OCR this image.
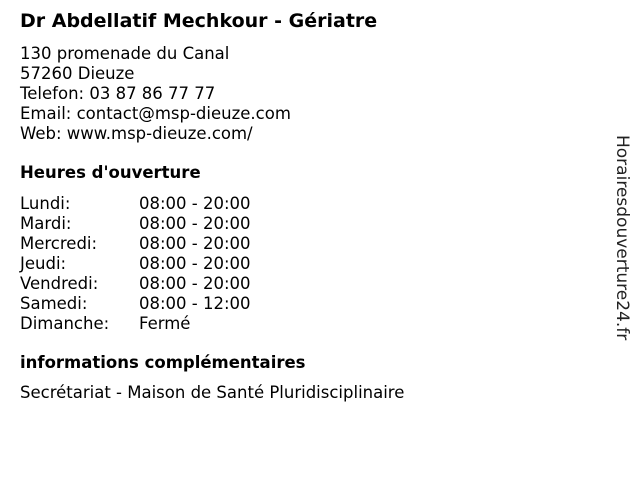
Dr Abdellatif Mechkour - Gériatre
130 promenade du Canal
57260 Dieuze
Telefon: 03 87 86 77 77
Email: contact@msp-dieuze.com
Web: www.msp-dieuze.com/
Heures d'ouverture
Lundi:	08:00 - 20:00
Mardi:	08:00 - 20:00
Mercredi:	08:00 - 20:00
Jeudi:	08:00 - 20:00
Vendredi:	08:00 - 20:00
Samedi:	08:00 - 12:00
Dimanche:	Fermé
informations complémentaires
Secrétariat - Maison de Santé Pluridisciplinaire
Horairesdouverture24.fr
